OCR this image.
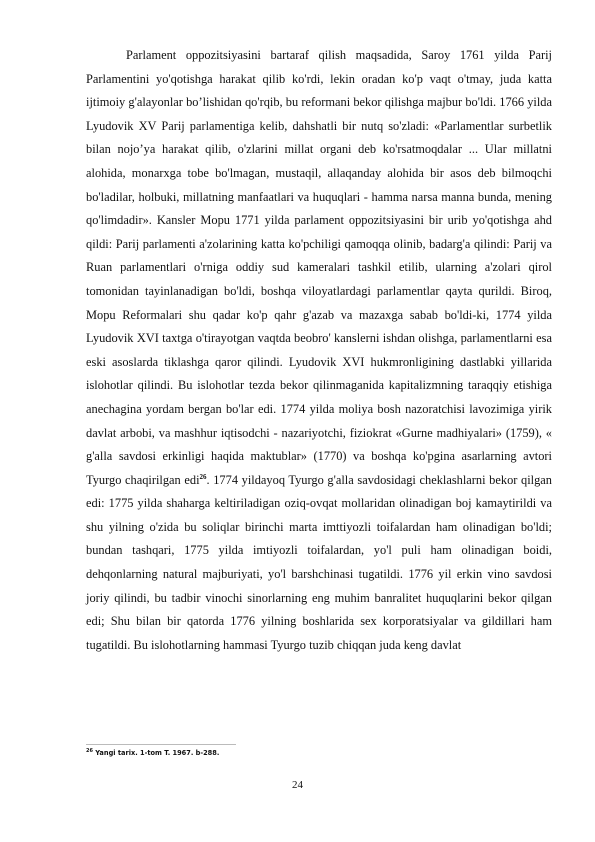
Parlament oppozitsiyasini bartaraf qilish maqsadida, Saroy 1761 yilda Parij Parlamentini yo'qotishga harakat qilib ko'rdi, lekin oradan ko'p vaqt o'tmay, juda katta ijtimoiy g'alayonlar bo’lishidan qo'rqib, bu reformani bekor qilishga majbur bo'ldi. 1766 yilda Lyudovik XV Parij parlamentiga kelib, dahshatli bir nutq so'zladi: «Parlamentlar surbetlik bilan nojo’ya harakat qilib, o'zlarini millat organi deb ko'rsatmoqdalar ... Ular millatni alohida, monarxga tobe bo'lmagan, mustaqil, allaqanday alohida bir asos deb bilmoqchi bo'ladilar, holbuki, millatning manfaatlari va huquqlari - hamma narsa manna bunda, mening qo'limdadir». Kansler Mopu 1771 yilda parlament oppozitsiyasini bir urib yo'qotishga ahd qildi: Parij parlamenti a'zolarining katta ko'pchiligi qamoqqa olinib, badarg'a qilindi: Parij va Ruan parlamentlari o'rniga oddiy sud kameralari tashkil etilib, ularning a'zolari qirol tomonidan tayinlanadigan bo'ldi, boshqa viloyatlardagi parlamentlar qayta qurildi. Biroq, Mopu Reformalari shu qadar ko'p qahr g'azab va mazaxga sabab bo'ldi-ki, 1774 yilda Lyudovik XVI taxtga o'tirayotgan vaqtda beobro' kanslerni ishdan olishga, parlamentlarni esa eski asoslarda tiklashga qaror qilindi. Lyudovik XVI hukmronligining dastlabki yillarida islohotlar qilindi. Bu islohotlar tezda bekor qilinmaganida kapitalizmning taraqqiy etishiga anechagina yordam bergan bo'lar edi. 1774 yilda moliya bosh nazoratchisi lavozimiga yirik davlat arbobi, va mashhur iqtisodchi - nazariyotchi, fiziokrat «Gurne madhiyalari» (1759), « g'alla savdosi erkinligi haqida maktublar» (1770) va boshqa ko'pgina asarlarning avtori Tyurgo chaqirilgan edi$^{26}$. 1774 yildayoq Tyurgo g'alla savdosidagi cheklashlarni bekor qilgan edi: 1775 yilda shaharga keltiriladigan oziq-ovqat mollaridan olinadigan boj kamaytirildi va shu yilning o'zida bu soliqlar birinchi marta imttiyozli toifalardan ham olinadigan bo'ldi; bundan tashqari, 1775 yilda imtiyozli toifalardan, yo'l puli ham olinadigan boidi, dehqonlarning natural majburiyati, yo'l barshchinasi tugatildi. 1776 yil erkin vino savdosi joriy qilindi, bu tadbir vinochi sinorlarning eng muhim banralitet huquqlarini bekor qilgan edi; Shu bilan bir qatorda 1776 yilning boshlarida sex korporatsiyalar va gildillari ham tugatildi. Bu islohotlarning hammasi Tyurgo tuzib chiqqan juda keng davlat

$^{26}$ Yangi tarix. 1-tom T. 1967. b-288.

24
